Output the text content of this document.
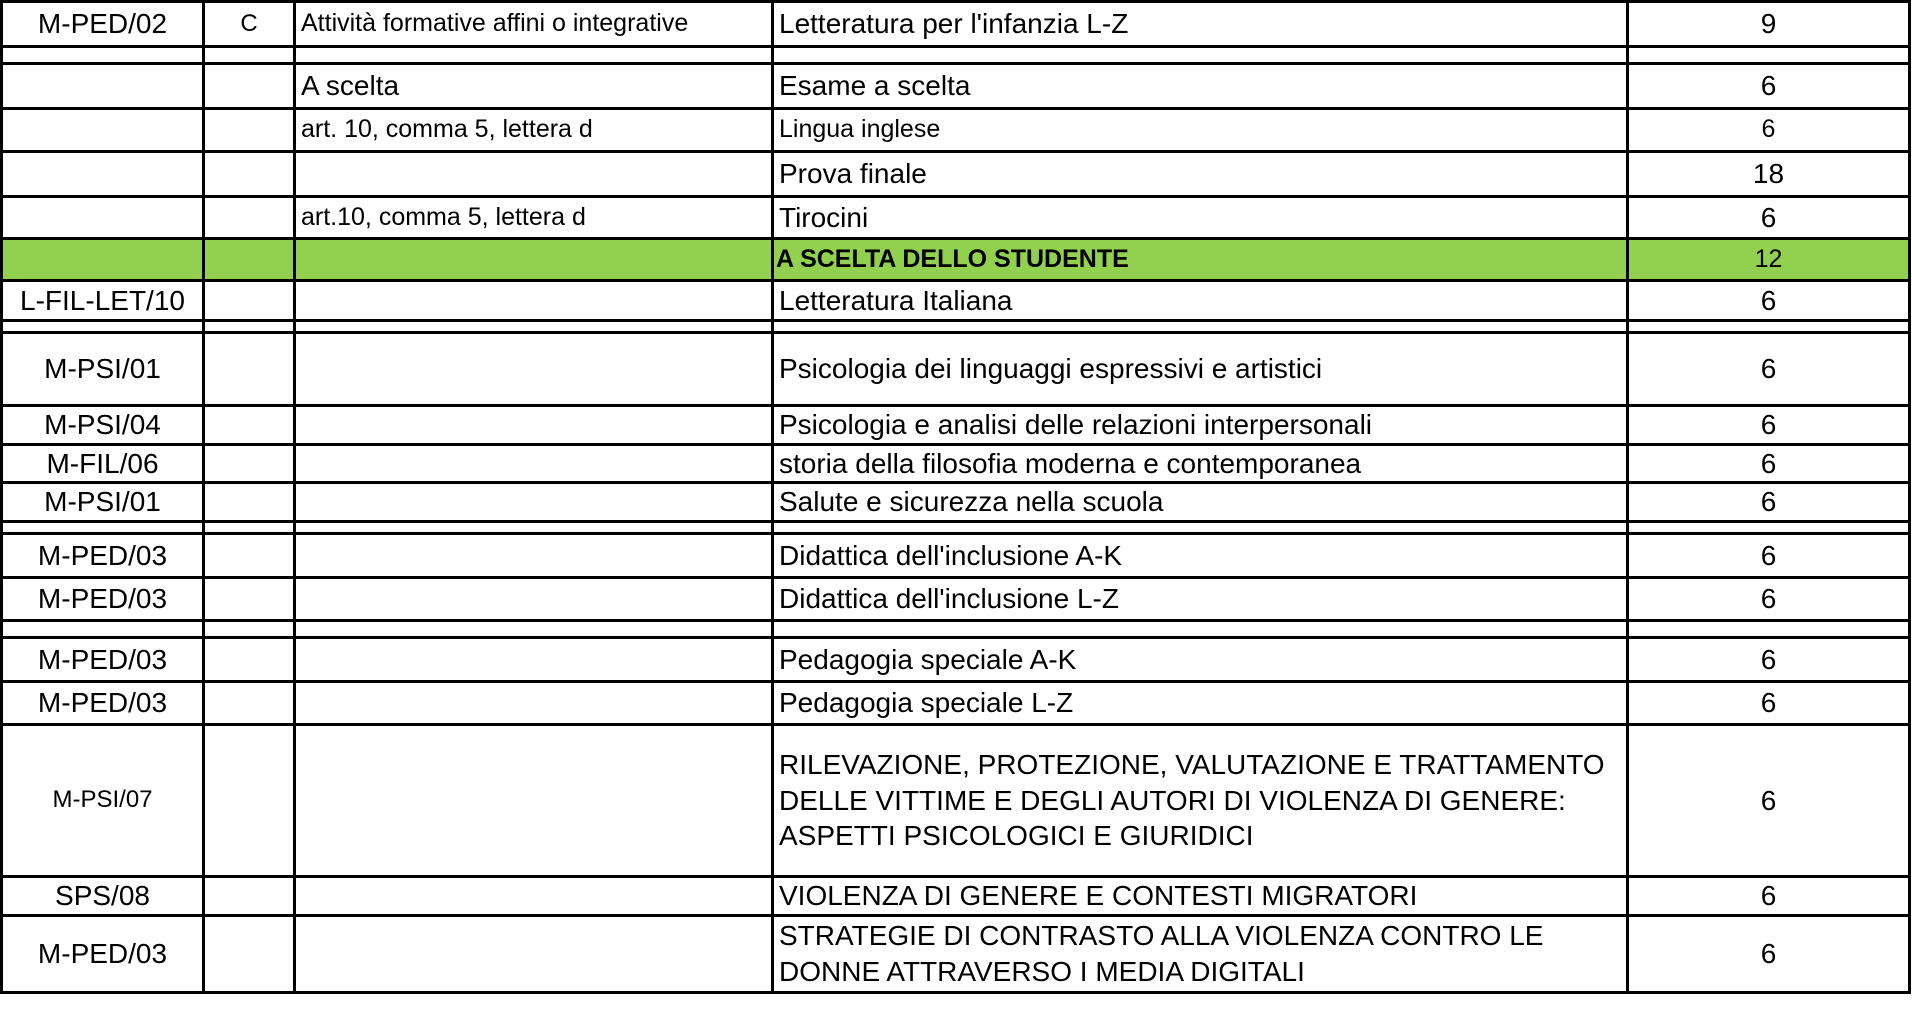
M-PED/02	C	Attività formative affini o integrative	Letteratura per l'infanzia L-Z	9

		A scelta	Esame a scelta	6
		art. 10, comma 5, lettera d	Lingua inglese	6
			Prova finale	18
		art.10, comma 5, lettera d	Tirocini	6
			A SCELTA DELLO STUDENTE	12
L-FIL-LET/10			Letteratura Italiana	6

M-PSI/01			Psicologia dei linguaggi espressivi e artistici	6
M-PSI/04			Psicologia e analisi delle relazioni interpersonali	6
M-FIL/06			storia della filosofia moderna e contemporanea	6
M-PSI/01			Salute e sicurezza nella scuola	6

M-PED/03			Didattica dell'inclusione A-K	6
M-PED/03			Didattica dell'inclusione L-Z	6

M-PED/03			Pedagogia speciale A-K	6
M-PED/03			Pedagogia speciale L-Z	6
M-PSI/07			RILEVAZIONE, PROTEZIONE, VALUTAZIONE E TRATTAMENTO DELLE VITTIME E DEGLI AUTORI DI VIOLENZA DI GENERE: ASPETTI PSICOLOGICI E GIURIDICI	6
SPS/08			VIOLENZA DI GENERE E CONTESTI MIGRATORI	6
M-PED/03			STRATEGIE DI CONTRASTO ALLA VIOLENZA CONTRO LE DONNE ATTRAVERSO I MEDIA DIGITALI	6
